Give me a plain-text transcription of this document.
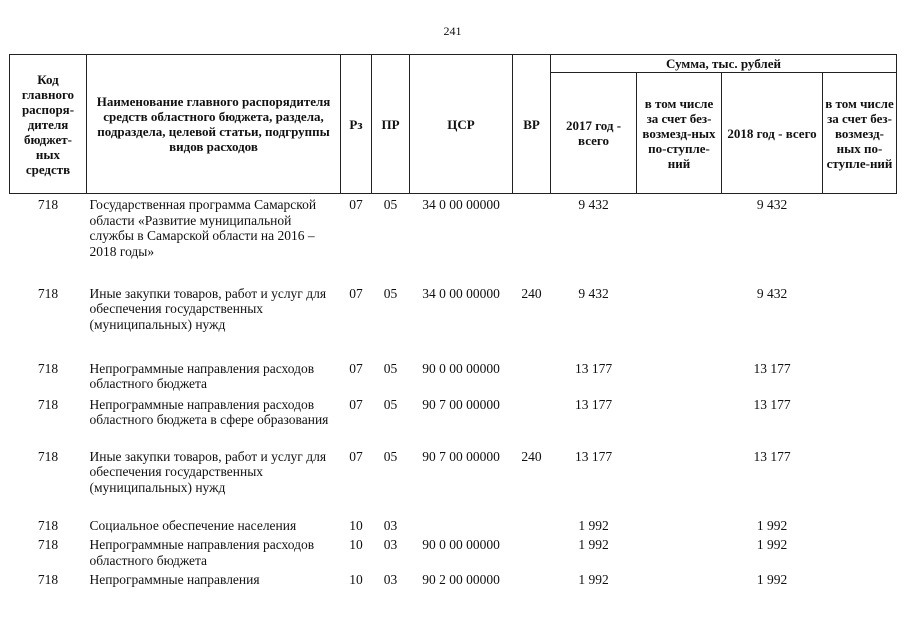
241
Код главного распоря-дителя бюджет-ных средств	Наименование главного распорядителя средств областного бюджета, раздела, подраздела, целевой статьи, подгруппы видов расходов	Рз	ПР	ЦСР	ВР	Сумма, тыс. рублей			
						2017 год - всего	в том числе за счет без-возмезд-ных по-ступле-ний	2018 год - всего	в том числе за счет без-возмезд-ных по-ступле-ний
718	Государственная программа Самарской области «Развитие муниципальной службы в Самарской области на 2016 – 2018 годы»	07	05	34 0 00 00000		9 432		9 432	
718	Иные закупки товаров, работ и услуг для обеспечения государственных (муниципальных) нужд	07	05	34 0 00 00000	240	9 432		9 432	
718	Непрограммные направления расходов областного бюджета	07	05	90 0 00 00000		13 177		13 177	
718	Непрограммные направления расходов областного бюджета в сфере образования	07	05	90 7 00 00000		13 177		13 177	
718	Иные закупки товаров, работ и услуг для обеспечения государственных (муниципальных) нужд	07	05	90 7 00 00000	240	13 177		13 177	
718	Социальное обеспечение населения	10	03			1 992		1 992	
718	Непрограммные направления расходов областного бюджета	10	03	90 0 00 00000		1 992		1 992	
718	Непрограммные направления	10	03	90 2 00 00000		1 992		1 992	
